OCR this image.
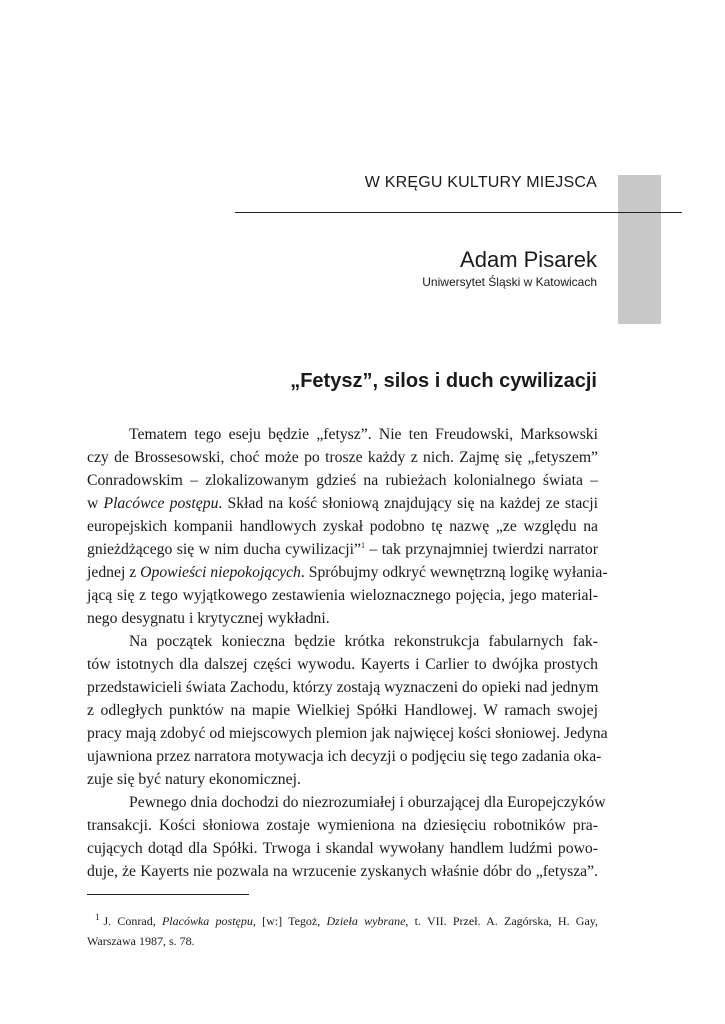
W KRĘGU KULTURY MIEJSCA
Adam Pisarek
Uniwersytet Śląski w Katowicach
„Fetysz”, silos i duch cywilizacji
Tematem tego eseju będzie „fetysz”. Nie ten Freudowski, Marksowski
czy de Brossesowski, choć może po trosze każdy z nich. Zajmę się „fetyszem”
Conradowskim – zlokalizowanym gdzieś na rubieżach kolonialnego świata –
w Placówce postępu. Skład na kość słoniową znajdujący się na każdej ze stacji
europejskich kompanii handlowych zyskał podobno tę nazwę „ze względu na
gnieżdżącego się w nim ducha cywilizacji”$^1$ – tak przynajmniej twierdzi narrator
jednej z Opowieści niepokojących. Spróbujmy odkryć wewnętrzną logikę wyłania-
jącą się z tego wyjątkowego zestawienia wieloznacznego pojęcia, jego material-
nego desygnatu i krytycznej wykładni.
Na początek konieczna będzie krótka rekonstrukcja fabularnych fak-
tów istotnych dla dalszej części wywodu. Kayerts i Carlier to dwójka prostych
przedstawicieli świata Zachodu, którzy zostają wyznaczeni do opieki nad jednym
z odległych punktów na mapie Wielkiej Spółki Handlowej. W ramach swojej
pracy mają zdobyć od miejscowych plemion jak najwięcej kości słoniowej. Jedyna
ujawniona przez narratora motywacja ich decyzji o podjęciu się tego zadania oka-
zuje się być natury ekonomicznej.
Pewnego dnia dochodzi do niezrozumiałej i oburzającej dla Europejczyków
transakcji. Kości słoniowa zostaje wymieniona na dziesięciu robotników pra-
cujących dotąd dla Spółki. Trwoga i skandal wywołany handlem ludźmi powo-
duje, że Kayerts nie pozwala na wrzucenie zyskanych właśnie dóbr do „fetysza”.
$^1$ J. Conrad, Placówka postępu, [w:] Tegoż, Dzieła wybrane, t. VII. Przeł. A. Zagórska, H. Gay,
Warszawa 1987, s. 78.
